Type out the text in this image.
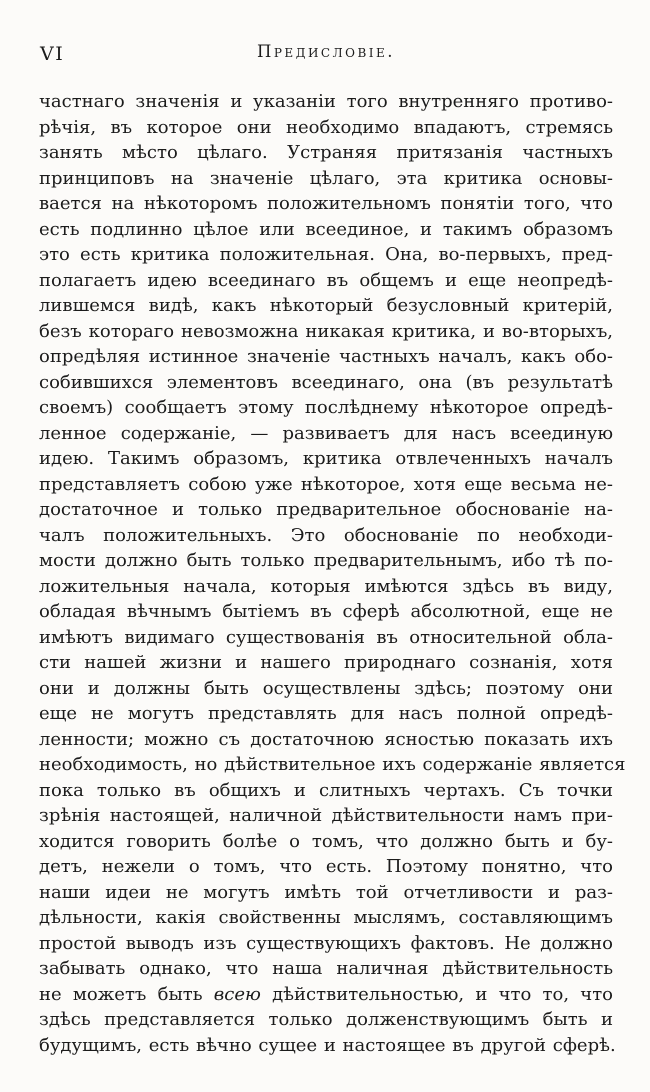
VI	Предисловіе.
частнаго значенія и указаніи того внутренняго противо-
рѣчія, въ которое они необходимо впадаютъ, стремясь
занять мѣсто цѣлаго. Устраняя притязанія частныхъ
принциповъ на значеніе цѣлаго, эта критика основы-
вается на нѣкоторомъ положительномъ понятіи того, что
есть подлинно цѣлое или всеединое, и такимъ образомъ
это есть критика положительная. Она, во-первыхъ, пред-
полагаетъ идею всеединаго въ общемъ и еще неопредѣ-
лившемся видѣ, какъ нѣкоторый безусловный критерій,
безъ котораго невозможна никакая критика, и во-вторыхъ,
опредѣляя истинное значеніе частныхъ началъ, какъ обо-
собившихся элементовъ всеединаго, она (въ результатѣ
своемъ) сообщаетъ этому послѣднему нѣкоторое опредѣ-
ленное содержаніе, — развиваетъ для насъ всеединую
идею. Такимъ образомъ, критика отвлеченныхъ началъ
представляетъ собою уже нѣкоторое, хотя еще весьма не-
достаточное и только предварительное обоснованіе на-
чалъ положительныхъ. Это обоснованіе по необходи-
мости должно быть только предварительнымъ, ибо тѣ по-
ложительныя начала, которыя имѣются здѣсь въ виду,
обладая вѣчнымъ бытіемъ въ сферѣ абсолютной, еще не
имѣютъ видимаго существованія въ относительной обла-
сти нашей жизни и нашего природнаго сознанія, хотя
они и должны быть осуществлены здѣсь; поэтому они
еще не могутъ представлять для насъ полной опредѣ-
ленности; можно съ достаточною ясностью показать ихъ
необходимость, но дѣйствительное ихъ содержаніе является
пока только въ общихъ и слитныхъ чертахъ. Съ точки
зрѣнія настоящей, наличной дѣйствительности намъ при-
ходится говорить болѣе о томъ, что должно быть и бу-
детъ, нежели о томъ, что есть. Поэтому понятно, что
наши идеи не могутъ имѣть той отчетливости и раз-
дѣльности, какія свойственны мыслямъ, составляющимъ
простой выводъ изъ существующихъ фактовъ. Не должно
забывать однако, что наша наличная дѣйствительность
не можетъ быть всею дѣйствительностью, и что то, что
здѣсь представляется только долженствующимъ быть и
будущимъ, есть вѣчно сущее и настоящее въ другой сферѣ.
